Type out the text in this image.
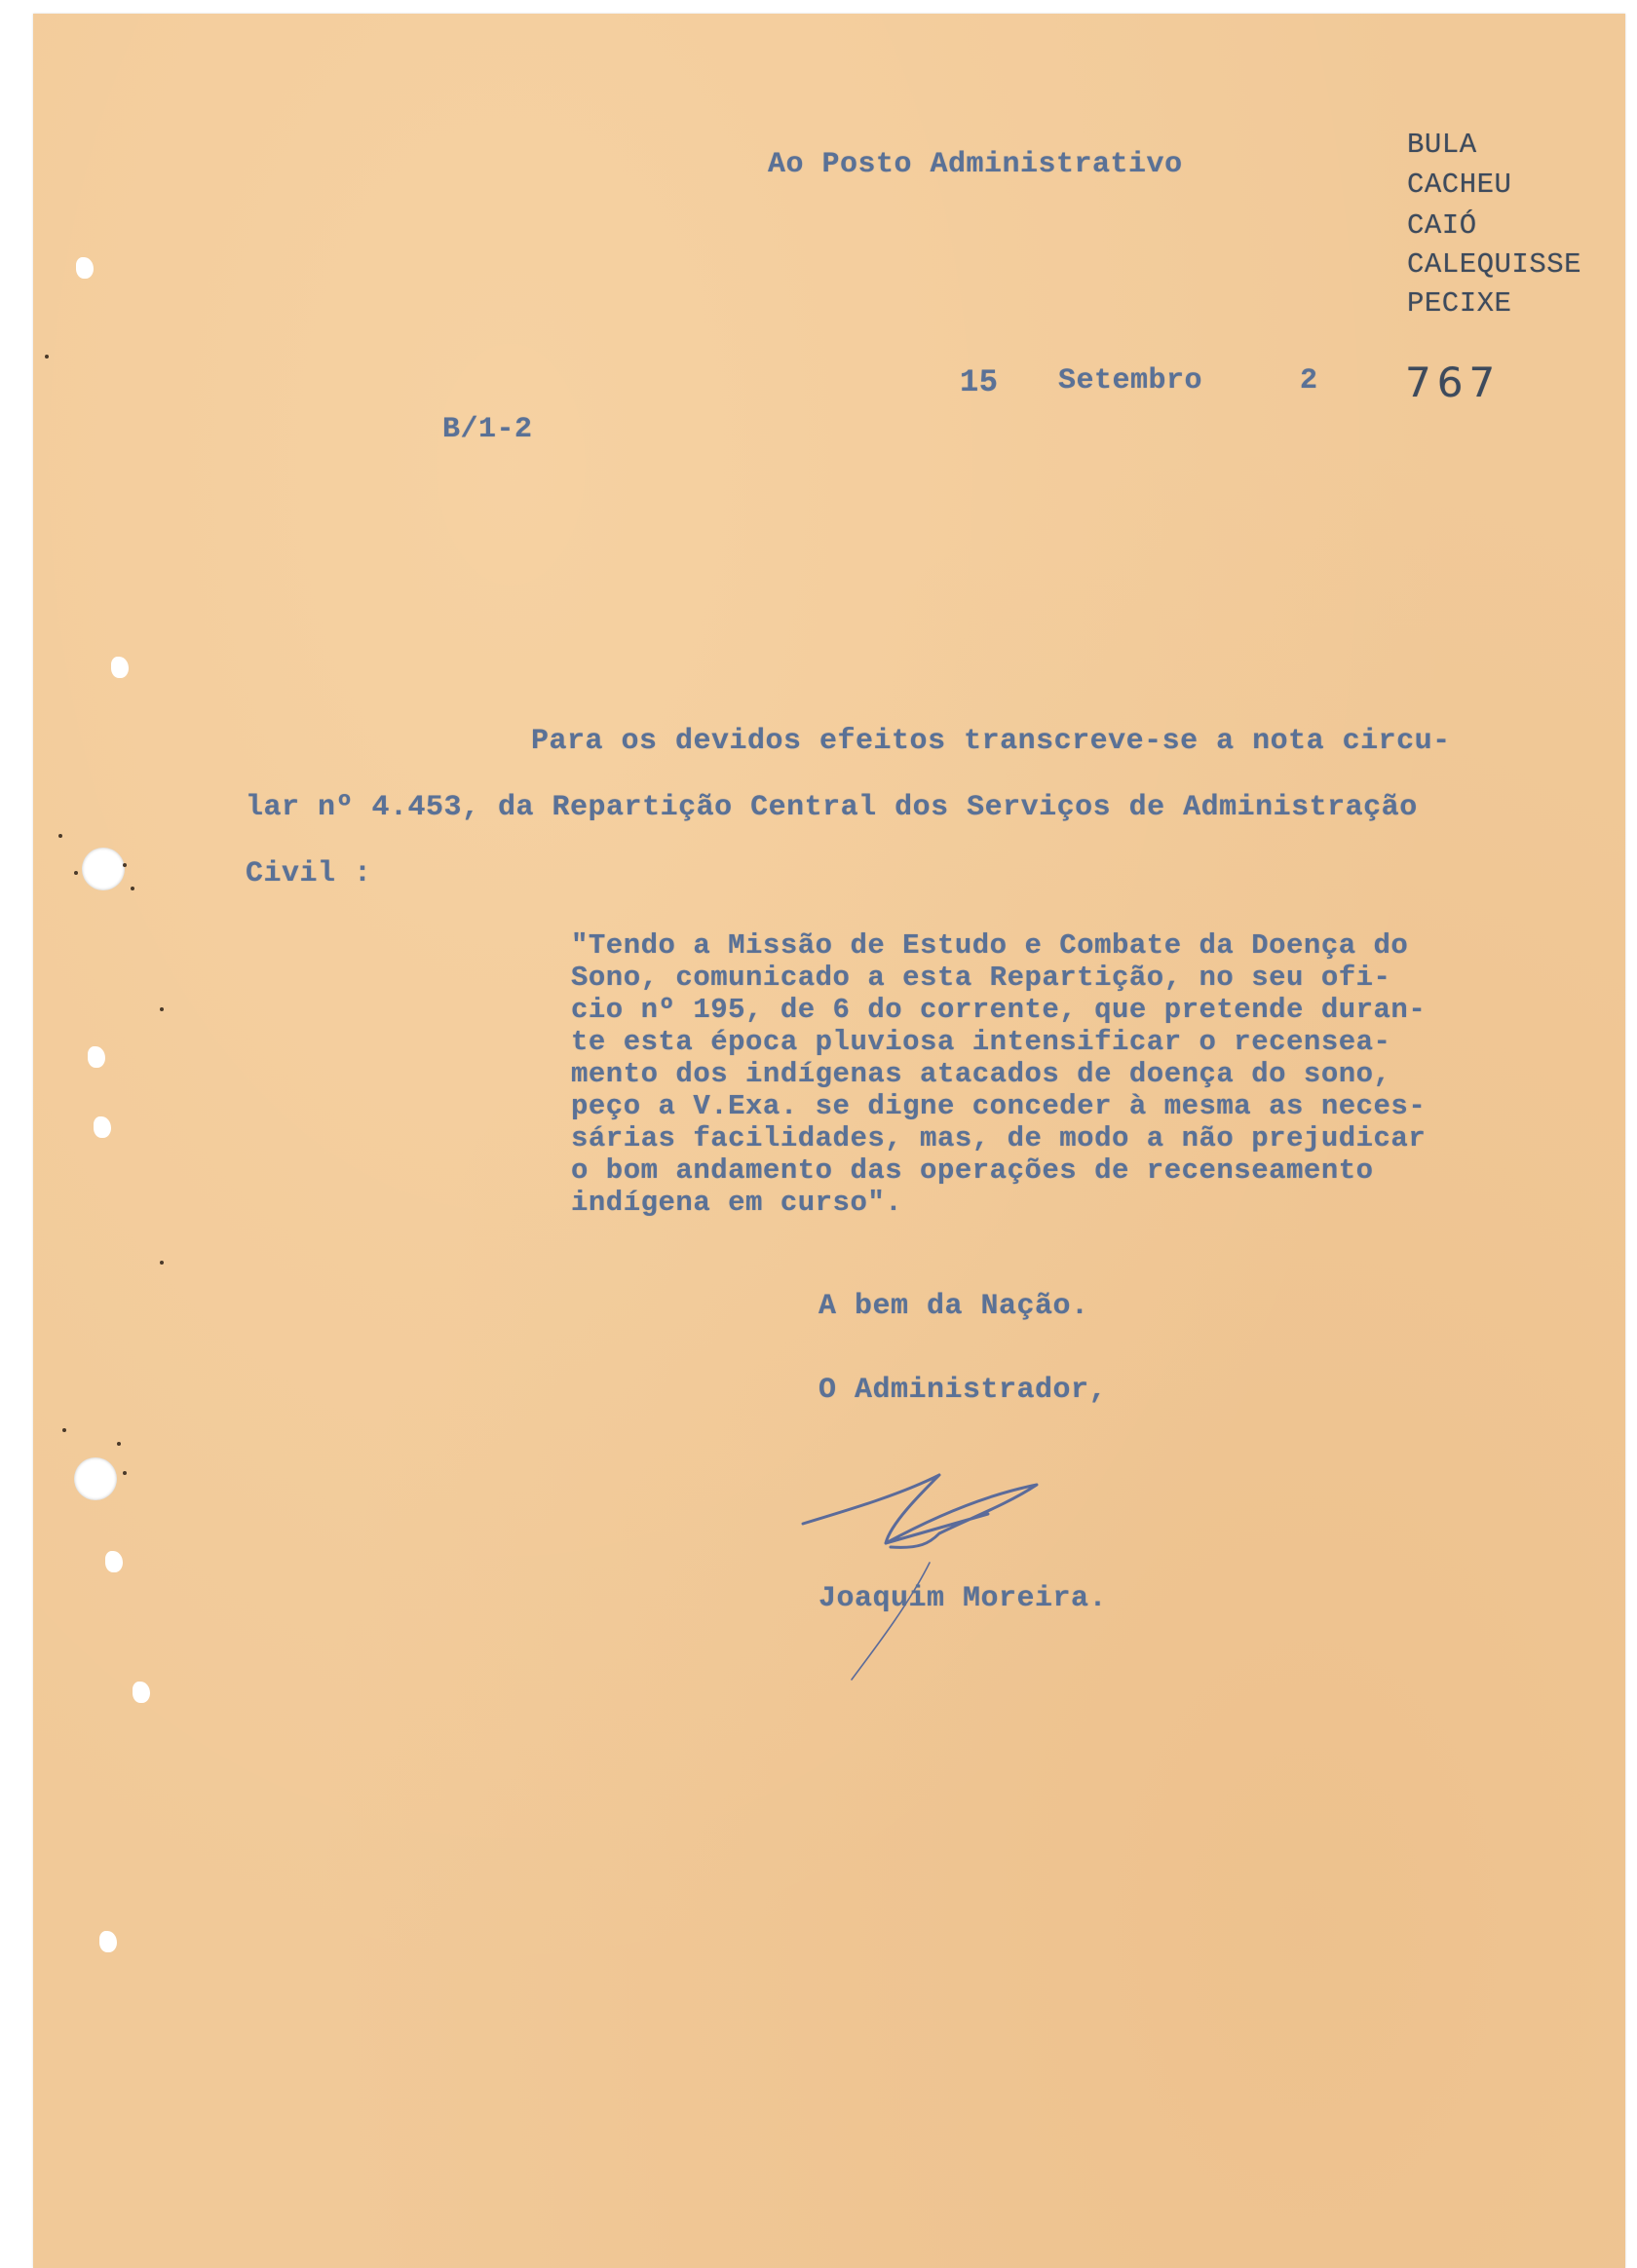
Ao Posto Administrativo
BULA
CACHEU
CAIÓ
CALEQUISSE
PECIXE
15 Setembro	2 767
B/1-2
Para os devidos efeitos transcreve-se a nota circu-
lar nº 4.453, da Repartição Central dos Serviços de Administração
Civil :
"Tendo a Missão de Estudo e Combate da Doença do
Sono, comunicado a esta Repartição, no seu ofi-
cio nº 195, de 6 do corrente, que pretende duran-
te esta época pluviosa intensificar o recensea-
mento dos indígenas atacados de doença do sono,
peço a V.Exa. se digne conceder à mesma as neces-
sárias facilidades, mas, de modo a não prejudicar
o bom andamento das operações de recenseamento
indígena em curso".
A bem da Nação.
O Administrador,
Joaquim Moreira.
